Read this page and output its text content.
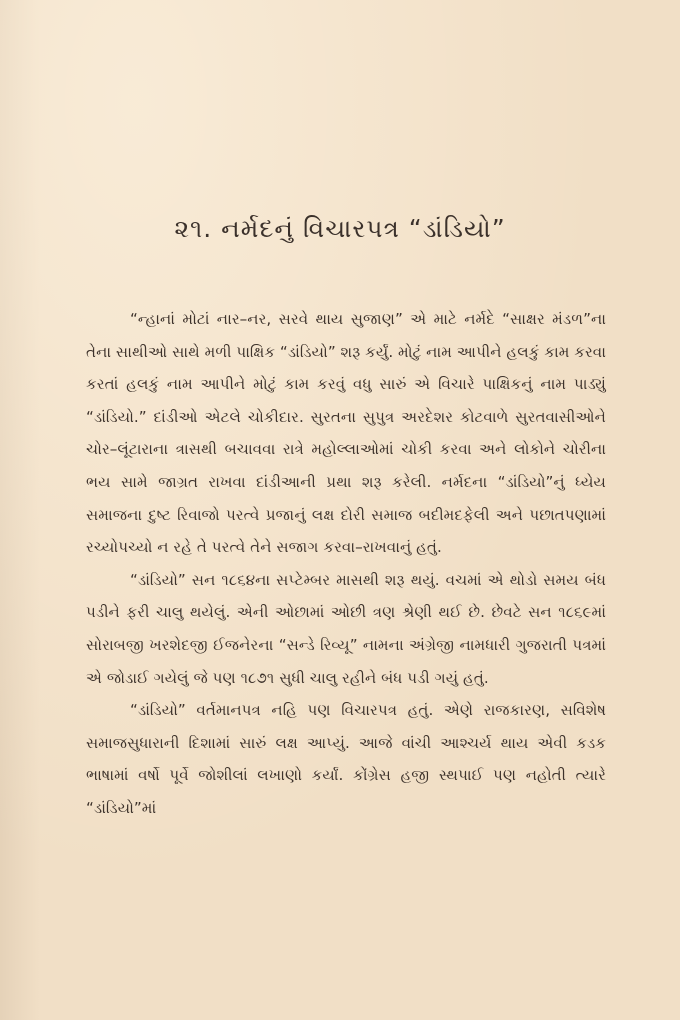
૨૧. નર્મદનું વિચારપત્ર “ડાંડિયો”

“ન્હાનાં મોટાં નાર–નર, સરવે થાય સુજાણ” એ માટે નર્મદે “સાક્ષર મંડળ”ના તેના સાથીઓ સાથે મળી પાક્ષિક “ડાંડિયો” શરૂ કર્યું. મોટું નામ આપીને હલકું કામ કરવા કરતાં હલકું નામ આપીને મોટું કામ કરવું વધુ સારું એ વિચારે પાક્ષિકનું નામ પાડ્યું “ડાંડિયો.” દાંડીઓ એટલે ચોકીદાર. સુરતના સુપુત્ર અરદેશર કોટવાળે સુરતવાસીઓને ચોર–લૂંટારાના ત્રાસથી બચાવવા રાત્રે મહોલ્લાઓમાં ચોકી કરવા અને લોકોને ચોરીના ભય સામે જાગ્રત રાખવા દાંડીઆની પ્રથા શરૂ કરેલી. નર્મદના “ડાંડિયો”નું ધ્યેય સમાજના દુષ્ટ રિવાજો પરત્વે પ્રજાનું લક્ષ દોરી સમાજ બદીમદફેલી અને પછાતપણામાં રચ્યોપચ્યો ન રહે તે પરત્વે તેને સજાગ કરવા–રાખવાનું હતું.

“ડાંડિયો” સન ૧૮૬૪ના સપ્ટેમ્બર માસથી શરૂ થયું. વચમાં એ થોડો સમય બંધ પડીને ફરી ચાલુ થયેલું. એની ઓછામાં ઓછી ત્રણ શ્રેણી થઈ છે. છેવટે સન ૧૮૬૯માં સોરાબજી ખરશેદજી ઈજનેરના “સન્ડે રિવ્યૂ” નામના અંગ્રેજી નામધારી ગુજરાતી પત્રમાં એ જોડાઈ ગયેલું જે પણ ૧૮૭૧ સુધી ચાલુ રહીને બંધ પડી ગયું હતું.

“ડાંડિયો” વર્તમાનપત્ર નહિ પણ વિચારપત્ર હતું. એણે રાજકારણ, સવિશેષ સમાજસુધારાની દિશામાં સારું લક્ષ આપ્યું. આજે વાંચી આશ્ચર્ય થાય એવી કડક ભાષામાં વર્ષો પૂર્વે જોશીલાં લખાણો કર્યાં. કોંગ્રેસ હજી સ્થપાઈ પણ નહોતી ત્યારે “ડાંડિયો”માં
